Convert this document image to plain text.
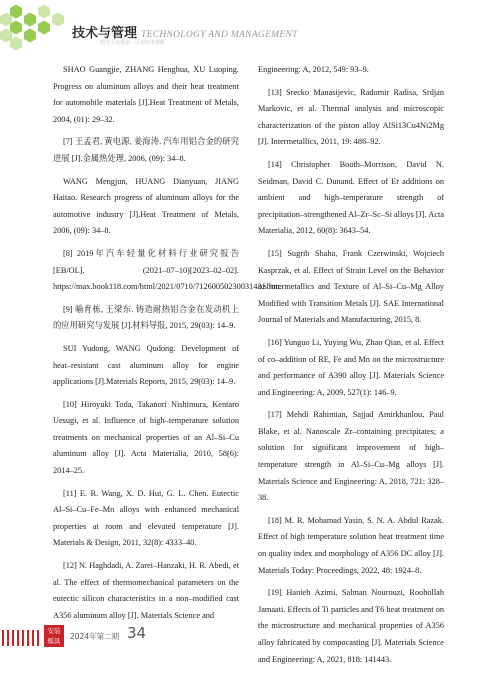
技术与管理 TECHNOLOGY AND MANAGEMENT
助力工业发展 · 引领技术创新

SHAO Guangjie, ZHANG Henghua, XU Luoping. Progress on aluminum alloys and their heat treatment for automobile materials [J].Heat Treatment of Metals, 2004, (01): 29–32.

[7] 王孟君, 黄电源, 姜海涛. 汽车用铝合金的研究进展 [J].金属热处理, 2006, (09): 34–8.

WANG Mengjun, HUANG Dianyuan, JIANG Haitao. Research progress of aluminum alloys for the automotive industry [J].Heat Treatment of Metals, 2006, (09): 34–8.

[8] 2019年汽车轻量化材料行业研究报告 [EB/OL]. (2021–07–10)[2023–02–02]. https://max.book118.com/html/2021/0710/7126005023003143.shtm.

[9] 喻育栋, 王梁东. 铸造耐热铝合金在发动机上的应用研究与发展 [J].材料导报, 2015, 29(03): 14–9.

SUI Yudong, WANG Qudong. Development of heat–resistant cast aluminum alloy for engine applications [J].Materials Reports, 2015, 29(03): 14–9.

[10] Hiroyuki Toda, Takanori Nishimura, Kentaro Uesugi, et al. Influence of high–temperature solution treatments on mechanical properties of an Al–Si–Cu aluminum alloy [J]. Acta Materialia, 2010, 58(6): 2014–25.

[11] E. R. Wang, X. D. Hui, G. L. Chen. Eutectic Al–Si–Cu–Fe–Mn alloys with enhanced mechanical properties at room and elevated temperature [J]. Materials & Design, 2011, 32(8): 4333–40.

[12] N. Haghdadi, A. Zarei–Hanzaki, H. R. Abedi, et al. The effect of thermomechanical parameters on the eutectic silicon characteristics in a non–modified cast A356 aluminum alloy [J]. Materials Science and

Engineering: A, 2012, 549: 93–9.

[13] Srecko Manasijevic, Radomir Radisa, Srdjan Markovic, et al. Thermal analysis and microscopic characterization of the piston alloy AlSi13Cu4Ni2Mg [J]. Intermetallics, 2011, 19: 486–92.

[14] Christopher Booth–Morrison, David N. Seidman, David C. Dunand. Effect of Er additions on ambient and high–temperature strength of precipitation–strengthened Al–Zr–Sc–Si alloys [J]. Acta Materialia, 2012, 60(8): 3643–54.

[15] Sugrib Shaha, Frank Czerwinski, Wojciech Kasprzak, et al. Effect of Strain Level on the Behavior of Intermetallics and Texture of Al–Si–Cu–Mg Alloy Modified with Transition Metals [J]. SAE International Journal of Materials and Manufacturing, 2015, 8.

[16] Yunguo Li, Yuying Wu, Zhao Qian, et al. Effect of co–addition of RE, Fe and Mn on the microstructure and performance of A390 alloy [J]. Materials Science and Engineering: A, 2009, 527(1): 146–9.

[17] Mehdi Rahimian, Sajjad Amirkhanlou, Paul Blake, et al. Nanoscale Zr–containing precipitates; a solution for significant improvement of high–temperature strength in Al–Si–Cu–Mg alloys [J]. Materials Science and Engineering: A, 2018, 721: 328–38.

[18] M. R. Mohamad Yasin, S. N. A. Abdul Razak. Effect of high temperature solution heat treatment time on quality index and morphology of A356 DC alloy [J]. Materials Today: Proceedings, 2022, 48: 1924–8.

[19] Hanieh Azimi, Salman Nourouzi, Roohollah Jamaati. Effects of Ti particles and T6 heat treatment on the microstructure and mechanical properties of A356 alloy fabricated by compocasting [J]. Materials Science and Engineering: A, 2021, 818: 141443.

安装
模具	2024年第二期 34
